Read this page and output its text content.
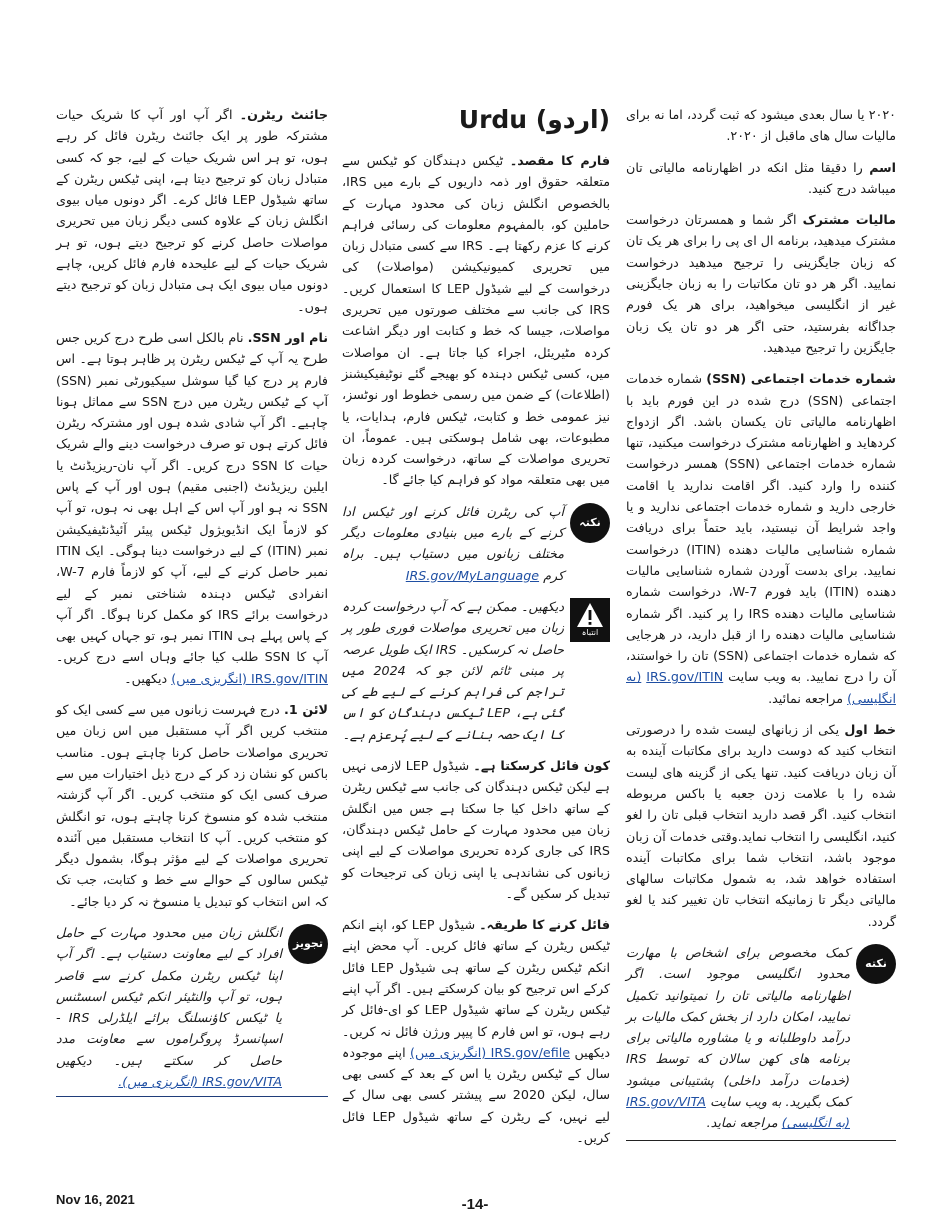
۲۰۲۰ یا سال بعدی میشود که ثبت گردد، اما نه برای مالیات سال های ماقبل از ۲۰۲۰.

اسم را دقیقا مثل انکه در اظهارنامه مالیاتی تان میباشد درج کنید.

مالیات مشترک اگر شما و همسرتان درخواست مشترک میدهید، برنامه ال ای پی را برای هر یک تان که زبان جایگزینی را ترجیح میدهید درخواست نمایید. اگر هر دو تان مکاتبات را به زبان جایگزینی غیر از انگلیسی میخواهید، برای هر یک فورم جداگانه بفرستید، حتی اگر هر دو تان یک زبان جایگزین را ترجیح میدهید.

شماره خدمات اجتماعی (SSN) شماره خدمات اجتماعی (SSN) درج شده در این فورم باید با اظهارنامه مالیاتی تان یکسان باشد. اگر ازدواج کردهاید و اظهارنامه مشترک درخواست میکنید، تنها شماره خدمات اجتماعی (SSN) همسر درخواست کننده را وارد کنید. اگر اقامت ندارید یا اقامت خارجی دارید و شماره خدمات اجتماعی ندارید و یا واجد شرایط آن نیستید، باید حتماً برای دریافت شماره شناسایی مالیات دهنده (ITIN) درخواست نمایید. برای بدست آوردن شماره شناسایی مالیات دهنده (ITIN) باید فورم W-7، درخواست شماره شناسایی مالیات دهنده IRS را پر کنید. اگر شماره شناسایی مالیات دهنده را از قبل دارید، در هرجایی که شماره خدمات اجتماعی (SSN) تان را خواستند، آن را درج نمایید. به ویب سایت IRS.gov/ITIN (به انگلیسی) مراجعه نمائید.

خط اول یکی از زبانهای لیست شده را درصورتی انتخاب کنید که دوست دارید برای مکاتبات آینده به آن زبان دریافت کنید. تنها یکی از گزینه های لیست شده را با علامت زدن جعبه یا باکس مربوطه انتخاب کنید. اگر قصد دارید انتخاب قبلی تان را لغو کنید، انگلیسی را انتخاب نماید.وقتی خدمات آن زبان موجود باشد، انتخاب شما برای مکاتبات آینده استفاده خواهد شد، به شمول مکاتبات سالهای مالیاتی دیگر تا زمانیکه انتخاب تان تغییر کند یا لغو گردد.

نکته
کمک مخصوص برای اشخاص با مهارت محدود انگلیسی موجود است. اگر اظهارنامه مالیاتی تان را نمیتوانید تکمیل نمایید، امکان دارد از بخش کمک مالیات بر درآمد داوطلبانه و یا مشاوره مالیاتی برای برنامه های کهن سالان که توسط IRS (خدمات درآمد داخلی) پشتیبانی میشود کمک بگیرید. به ویب سایت IRS.gov/VITA (به انگلیسی) مراجعه نماید.
Urdu (اردو)

فارم کا مقصد۔ ٹیکس دہندگان کو ٹیکس سے متعلقہ حقوق اور ذمہ داریوں کے بارے میں IRS، بالخصوص انگلش زبان کی محدود مہارت کے حاملین کو، بالمفہوم معلومات کی رسائی فراہم کرنے کا عزم رکھتا ہے۔ IRS سے کسی متبادل زبان میں تحریری کمیونیکیشن (مواصلات) کی درخواست کے لیے شیڈول LEP کا استعمال کریں۔ IRS کی جانب سے مختلف صورتوں میں تحریری مواصلات، جیسا کہ خط و کتابت اور دیگر اشاعت کردہ مٹیریئل، اجراء کیا جاتا ہے۔ ان مواصلات میں، کسی ٹیکس دہندہ کو بھیجے گئے نوٹیفیکیشنز (اطلاعات) کے ضمن میں رسمی خطوط اور نوٹسز، نیز عمومی خط و کتابت، ٹیکس فارم، ہدایات، یا مطبوعات، بھی شامل ہوسکتی ہیں۔ عموماً، ان تحریری مواصلات کے ساتھ، درخواست کردہ زبان میں بھی متعلقہ مواد کو فراہم کیا جائے گا۔

نکتہ
آپ کی ریٹرن فائل کرنے اور ٹیکس ادا کرنے کے بارے میں بنیادی معلومات دیگر مختلف زبانوں میں دستیاب ہیں۔ براہ کرم IRS.gov/MyLanguage
انتباہ
دیکھیں۔ ممکن ہے کہ آپ درخواست کردہ زبان میں تحریری مواصلات فوری طور پر حاصل نہ کرسکیں۔ IRS ایک طویل عرصہ پر مبنی ٹائم لائن جو کہ 2024 میں تراجم کی فراہم کرنے کے لیے طے کی گئی ہے، LEP ٹیکس دہندگان کو اس کا ایک حصہ بنانے کے لیے پُرعزم ہے۔

کون فائل کرسکتا ہے۔ شیڈول LEP لازمی نہیں ہے لیکن ٹیکس دہندگان کی جانب سے ٹیکس ریٹرن کے ساتھ داخل کیا جا سکتا ہے جس میں انگلش زبان میں محدود مہارت کے حامل ٹیکس دہندگان، IRS کی جاری کردہ تحریری مواصلات کے لیے اپنی زبانوں کی نشاندہی یا اپنی زبان کی ترجیحات کو تبدیل کر سکیں گے۔

فائل کرنے کا طریقہ۔ شیڈول LEP کو، اپنے انکم ٹیکس ریٹرن کے ساتھ فائل کریں۔ آپ محض اپنے انکم ٹیکس ریٹرن کے ساتھ ہی شیڈول LEP فائل کرکے اس ترجیح کو بیان کرسکتے ہیں۔ اگر آپ اپنے ٹیکس ریٹرن کے ساتھ شیڈول LEP کو ای-فائل کر رہے ہوں، تو اس فارم کا پیپر ورژن فائل نہ کریں۔ دیکھیں IRS.gov/efile (انگریزی میں) اپنے موجودہ سال کے ٹیکس ریٹرن یا اس کے بعد کے کسی بھی سال، لیکن 2020 سے پیشتر کسی بھی سال کے لیے نہیں، کے ریٹرن کے ساتھ شیڈول LEP فائل کریں۔

جائنٹ ریٹرن۔ اگر آپ اور آپ کا شریک حیات مشترکہ طور پر ایک جائنٹ ریٹرن فائل کر رہے ہوں، تو ہر اس شریک حیات کے لیے، جو کہ کسی متبادل زبان کو ترجیح دیتا ہے، اپنی ٹیکس ریٹرن کے ساتھ شیڈول LEP فائل کرے۔ اگر دونوں میاں بیوی انگلش زبان کے علاوہ کسی دیگر زبان میں تحریری مواصلات حاصل کرنے کو ترجیح دیتے ہوں، تو ہر شریک حیات کے لیے علیحدہ فارم فائل کریں، چاہے دونوں میاں بیوی ایک ہی متبادل زبان کو ترجیح دیتے ہوں۔

نام اور SSN. نام بالکل اسی طرح درج کریں جس طرح یہ آپ کے ٹیکس ریٹرن پر ظاہر ہوتا ہے۔ اس فارم پر درج کیا گیا سوشل سیکیورٹی نمبر (SSN) آپ کے ٹیکس ریٹرن میں درج SSN سے مماثل ہونا چاہیے۔ اگر آپ شادی شدہ ہوں اور مشترکہ ریٹرن فائل کرتے ہوں تو صرف درخواست دینے والے شریک حیات کا SSN درج کریں۔ اگر آپ نان-ریزیڈنٹ یا ایلین ریزیڈنٹ (اجنبی مقیم) ہوں اور آپ کے پاس SSN نہ ہو اور آپ اس کے اہل بھی نہ ہوں، تو آپ کو لازماً ایک انڈیویژول ٹیکس پیئر آئیڈنٹیفیکیشن نمبر (ITIN) کے لیے درخواست دینا ہوگی۔ ایک ITIN نمبر حاصل کرنے کے لیے، آپ کو لازماً فارم W-7، انفرادی ٹیکس دہندہ شناختی نمبر کے لیے درخواست برائے IRS کو مکمل کرنا ہوگا۔ اگر آپ کے پاس پہلے ہی ITIN نمبر ہو، تو جہاں کہیں بھی آپ کا SSN طلب کیا جائے وہاں اسے درج کریں۔ IRS.gov/ITIN (انگریزی میں) دیکھیں۔

لائن 1. درج فہرست زبانوں میں سے کسی ایک کو منتخب کریں اگر آپ مستقبل میں اس زبان میں تحریری مواصلات حاصل کرنا چاہتے ہوں۔ مناسب باکس کو نشان زد کر کے درج ذیل اختیارات میں سے صرف کسی ایک کو منتخب کریں۔ اگر آپ گزشتہ منتخب شدہ کو منسوخ کرنا چاہتے ہوں، تو انگلش کو منتخب کریں۔ آپ کا انتخاب مستقبل میں آئندہ تحریری مواصلات کے لیے مؤثر ہوگا، بشمول دیگر ٹیکس سالوں کے حوالے سے خط و کتابت، جب تک کہ اس انتخاب کو تبدیل یا منسوخ نہ کر دیا جائے۔

تجویز
انگلش زبان میں محدود مہارت کے حامل افراد کے لیے معاونت دستیاب ہے۔ اگر آپ اپنا ٹیکس ریٹرن مکمل کرنے سے قاصر ہوں، تو آپ والنٹیئر انکم ٹیکس اسسٹنس یا ٹیکس کاؤنسلنگ برائے ایلڈرلی IRS - اسپانسرڈ پروگراموں سے معاونت مدد حاصل کر سکتے ہیں۔ دیکھیں IRS.gov/VITA (انگریزی میں).
Nov 16, 2021	-14-
